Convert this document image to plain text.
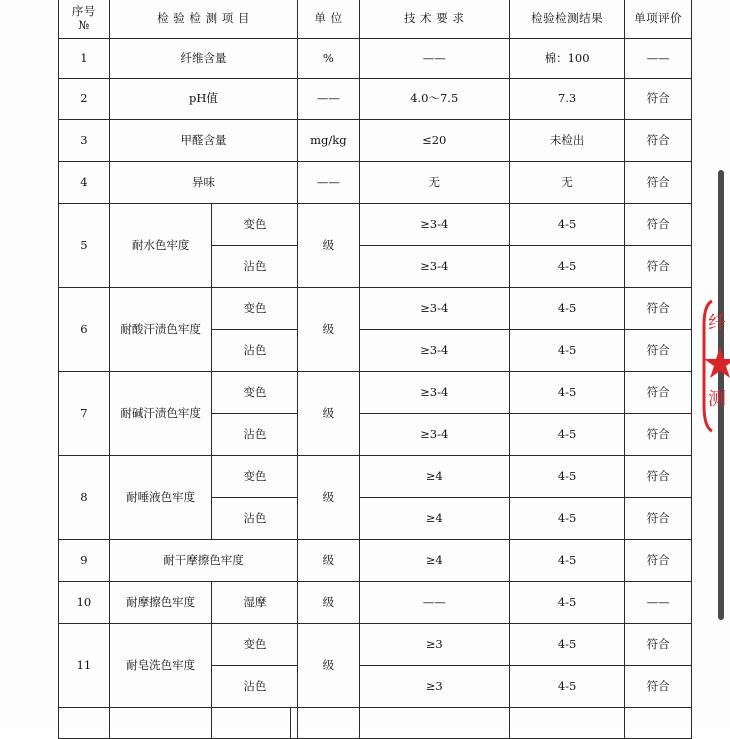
序号
№	检 验 检 测 项 目		单 位	技 术 要 求	检验检测结果	单项评价
1	纤维含量		%	——	棉：100	——
2	pH值		——	4.0～7.5	7.3	符合
3	甲醛含量		mg/kg	≤20	未检出	符合
4	异味		——	无	无	符合
5	耐水色牢度	变色	级	≥3-4	4-5	符合
		沾色		≥3-4	4-5	符合
6	耐酸汗渍色牢度	变色	级	≥3-4	4-5	符合
		沾色		≥3-4	4-5	符合
7	耐碱汗渍色牢度	变色	级	≥3-4	4-5	符合
		沾色		≥3-4	4-5	符合
8	耐唾液色牢度	变色	级	≥4	4-5	符合
		沾色		≥4	4-5	符合
9	耐干摩擦色牢度		级	≥4	4-5	符合
10	耐摩擦色牢度	湿摩	级	——	4-5	——
11	耐皂洗色牢度	变色	级	≥3	4-5	符合
		沾色		≥3	4-5	符合

纤
测
